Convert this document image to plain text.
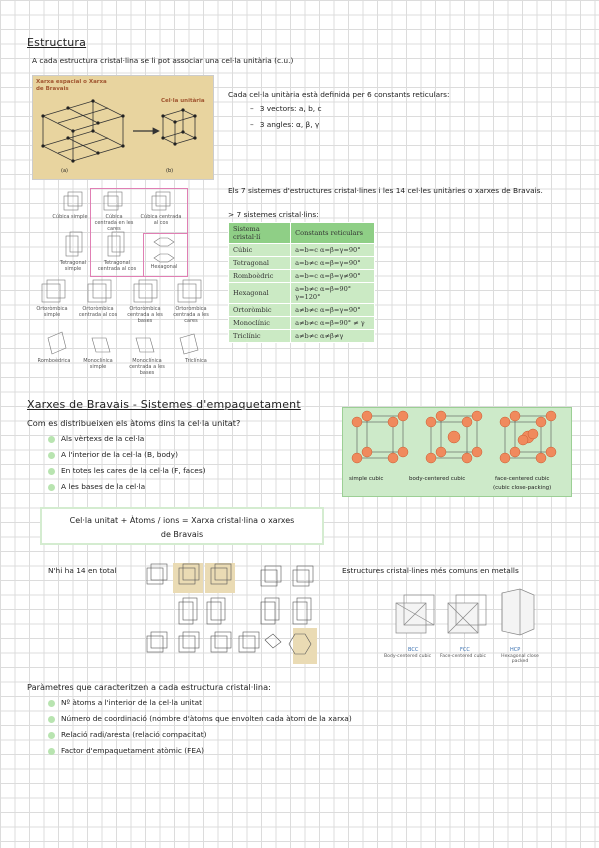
Estructura
A cada estructura cristal·lina se li pot associar una cel·la unitària (c.u.)
Xarxa espacial o Xarxa de Bravais
Cel·la unitària
(a)	(b)
Cada cel·la unitària està definida per 6 constants reticulars:
– 3 vectors: a, b, c
– 3 angles: α, β, γ
Cúbica simple	Cúbica centrada en les cares
Cúbica centrada al cos
Tetragonal simple
Tetragonal centrada al cos	Hexagonal
Ortoròmbica simple
Ortoròmbica centrada al cos
Ortoròmbica centrada a les bases
Ortoròmbica centrada a les cares
Romboèdrica	Monoclínica simple
Monoclínica centrada a les bases
Triclínica
Els 7 sistemes d'estructures cristal·lines i les 14 cel·les unitàries o xarxes de Bravais.
> 7 sistemes cristal·lins:
Sistema cristal·lí	Constants reticulars
Cúbic	a=b=c α=β=γ=90°
Tetragonal	a=b≠c α=β=γ=90°
Romboèdric	a=b=c α=β=γ≠90°
Hexagonal	a=b≠c α=β=90° γ=120°
Ortoròmbic	a≠b≠c α=β=γ=90°
Monoclínic	a≠b≠c α=β=90° ≠ γ
Triclínic	a≠b≠c α≠β≠γ
Xarxes de Bravais - Sistemes d'empaquetament
Com es distribueixen els àtoms dins la cel·la unitat?
Als vèrtexs de la cel·la
A l'interior de la cel·la (B, body)
En totes les cares de la cel·la (F, faces)
A les bases de la cel·la
simple cubic	body-centered cubic	face-centered cubic
(cubic close-packing)
Cel·la unitat + Àtoms / ions = Xarxa cristal·lina o xarxes
de Bravais
N'hi ha 14 en total	Estructures cristal·lines més comuns en metalls
BCC
Body-centered cubic
FCC
Face-centered cubic
HCP
Hexagonal close packed
Paràmetres que caracteritzen a cada estructura cristal·lina:
Nº àtoms a l'interior de la cel·la unitat
Número de coordinació (nombre d'àtoms que envolten cada àtom de la xarxa)
Relació radi/aresta (relació compacitat)
Factor d'empaquetament atòmic (FEA)
